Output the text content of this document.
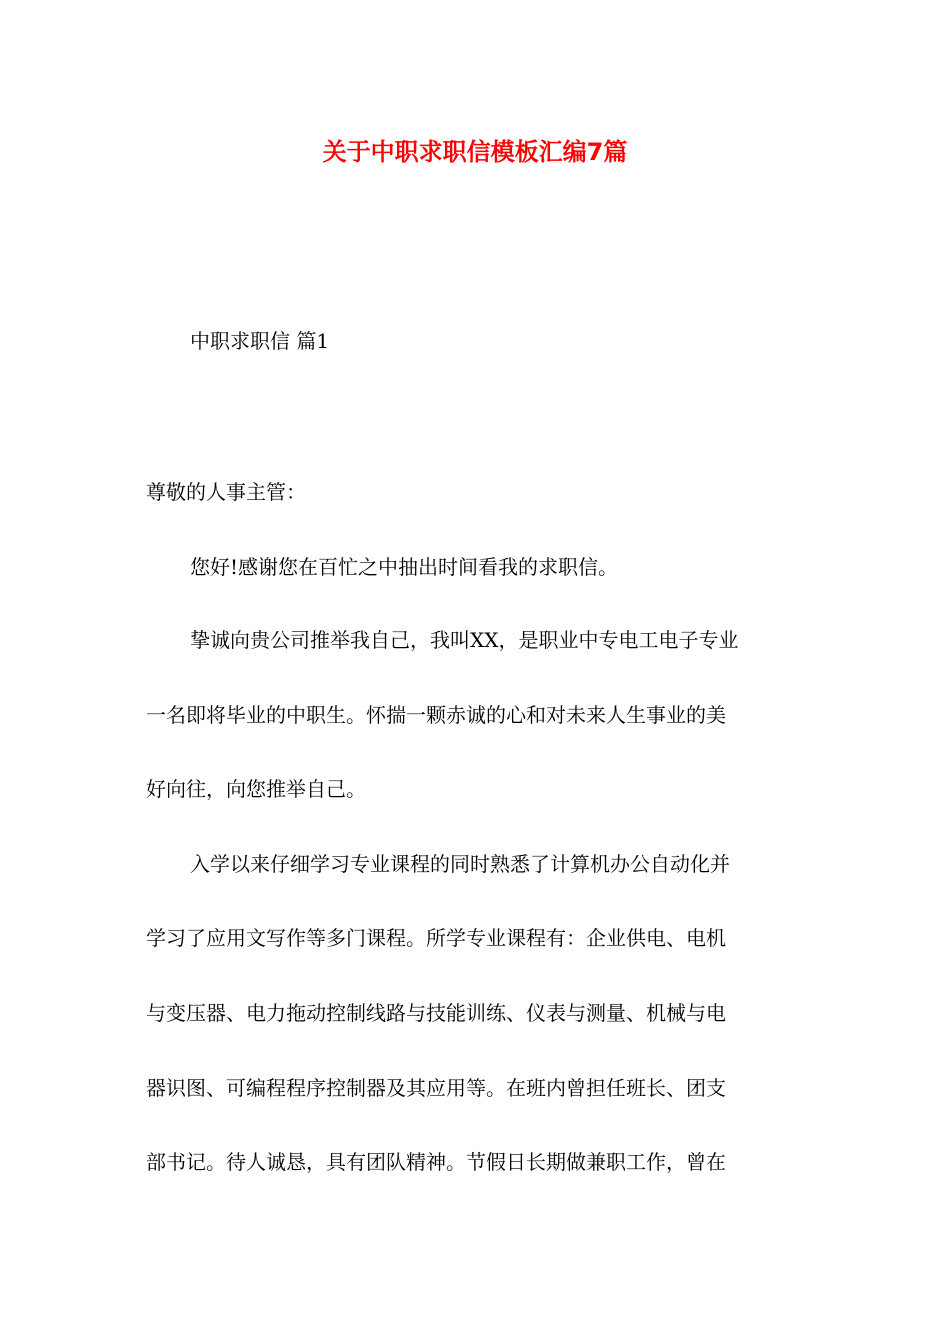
关于中职求职信模板汇编7篇
中职求职信 篇1
尊敬的人事主管：
您好!感谢您在百忙之中抽出时间看我的求职信。
挚诚向贵公司推举我自己，我叫XX，是职业中专电工电子专业
一名即将毕业的中职生。怀揣一颗赤诚的心和对未来人生事业的美
好向往，向您推举自己。
入学以来仔细学习专业课程的同时熟悉了计算机办公自动化并
学习了应用文写作等多门课程。所学专业课程有：企业供电、电机
与变压器、电力拖动控制线路与技能训练、仪表与测量、机械与电
器识图、可编程程序控制器及其应用等。在班内曾担任班长、团支
部书记。待人诚恳，具有团队精神。节假日长期做兼职工作，曾在
